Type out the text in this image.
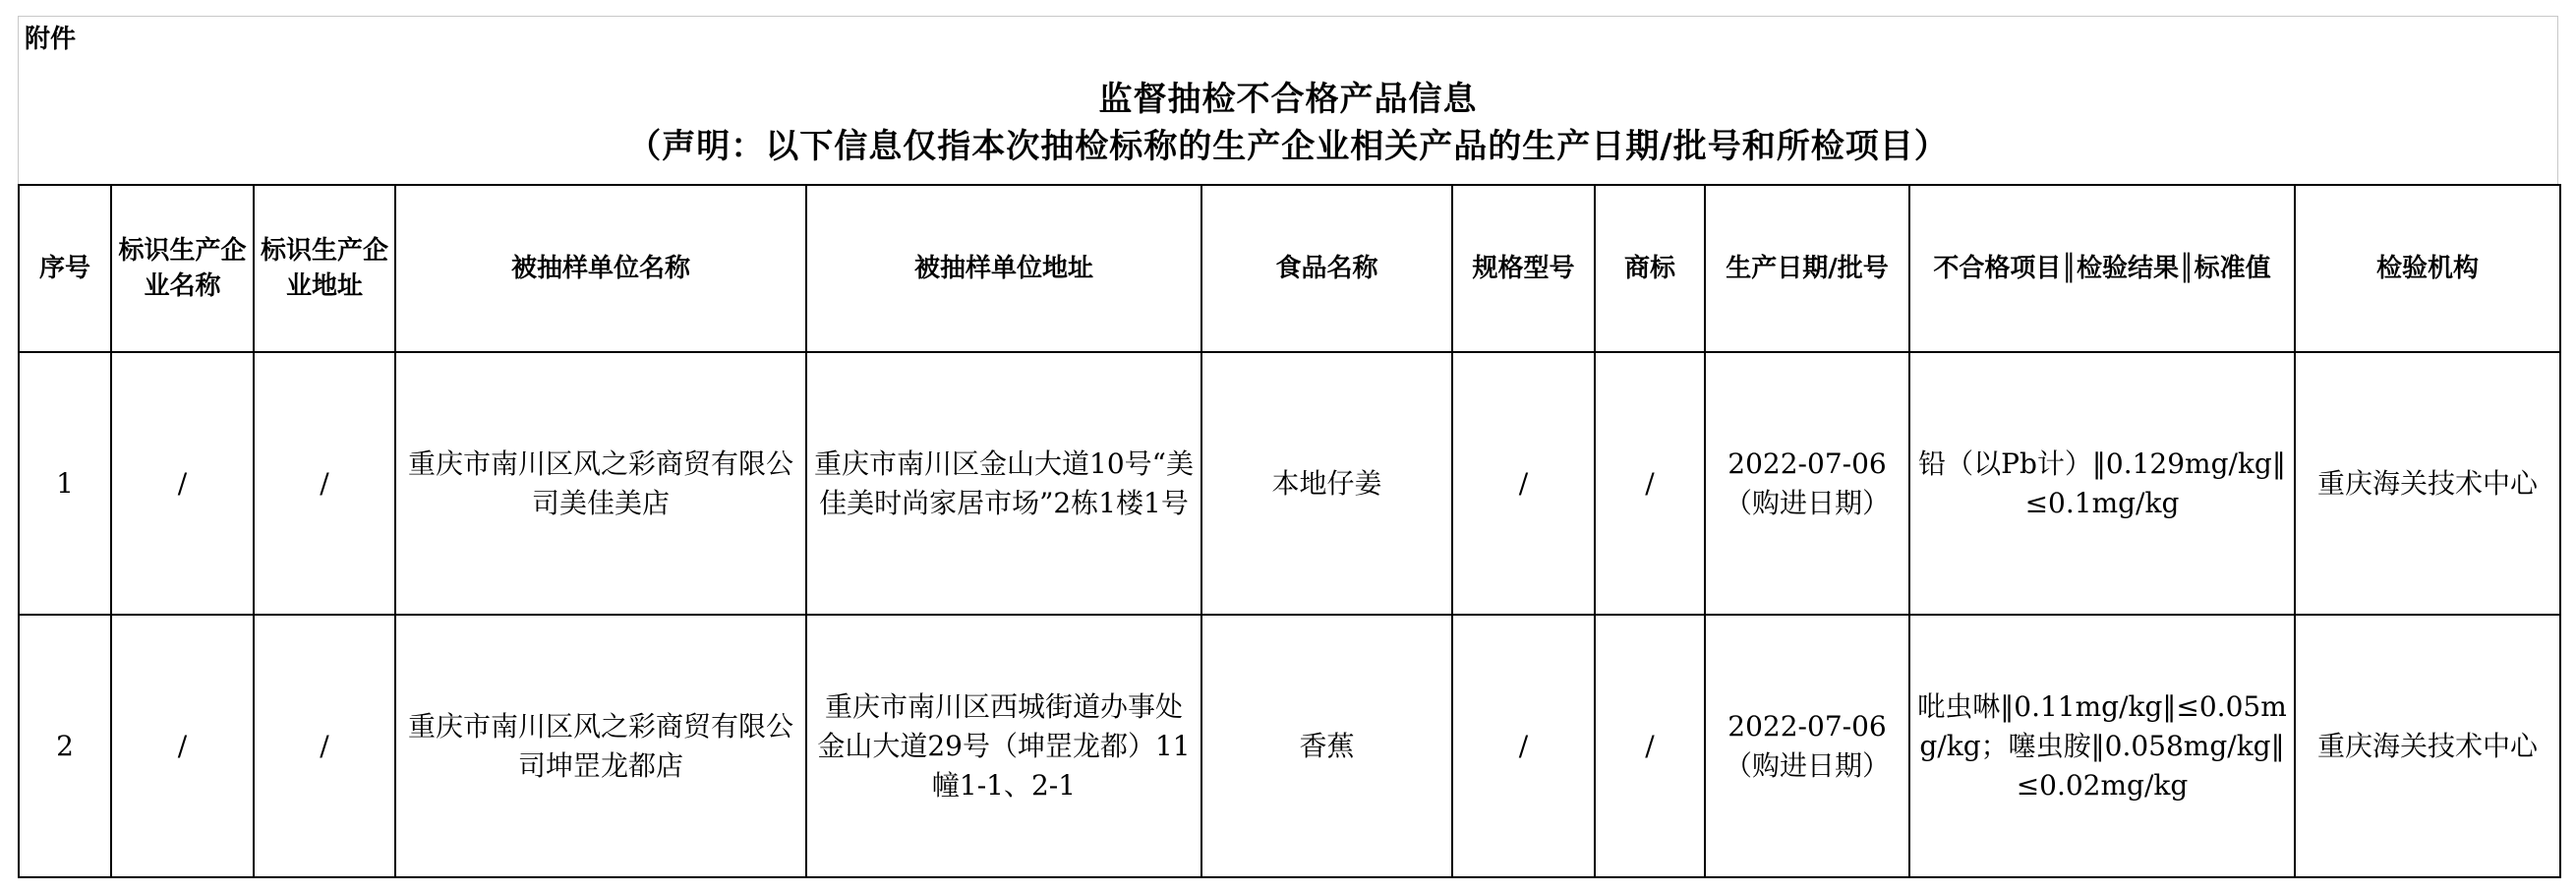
附件
监督抽检不合格产品信息
（声明：以下信息仅指本次抽检标称的生产企业相关产品的生产日期/批号和所检项目）
序号	标识生产企业名称	标识生产企业地址	被抽样单位名称	被抽样单位地址	食品名称	规格型号	商标	生产日期/批号	不合格项目║检验结果║标准值	检验机构
1	/	/	重庆市南川区风之彩商贸有限公司美佳美店	重庆市南川区金山大道10号“美佳美时尚家居市场”2栋1楼1号	本地仔姜	/	/	2022-07-06（购进日期）	铅（以Pb计）‖0.129mg/kg‖≤0.1mg/kg	重庆海关技术中心
2	/	/	重庆市南川区风之彩商贸有限公司坤罡龙都店	重庆市南川区西城街道办事处金山大道29号（坤罡龙都）11幢1-1、2-1	香蕉	/	/	2022-07-06（购进日期）	吡虫啉‖0.11mg/kg‖≤0.05mg/kg；噻虫胺‖0.058mg/kg‖≤0.02mg/kg	重庆海关技术中心
